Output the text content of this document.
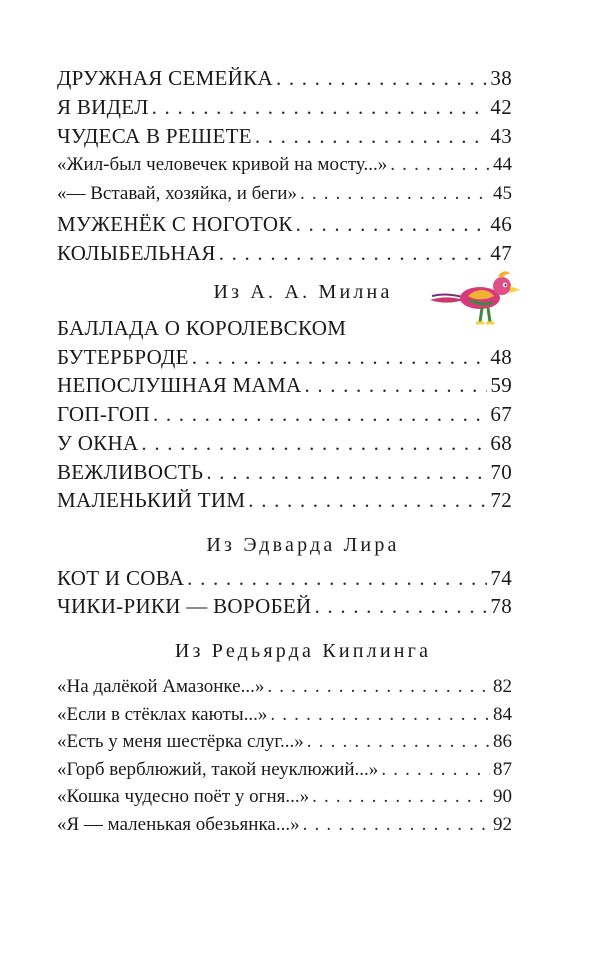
ДРУЖНАЯ СЕМЕЙКА . . .	38
Я ВИДЕЛ . . .	42
ЧУДЕСА В РЕШЕТЕ . . .	43
«Жил-был человечек кривой на мосту...» . . .	44
«— Вставай, хозяйка, и беги» . . .	45
МУЖЕНЁК С НОГОТОК . . .	46
КОЛЫБЕЛЬНАЯ . . .	47
Из А. А. Милна
БАЛЛАДА О КОРОЛЕВСКОМ
БУТЕРБРОДЕ . . .	48
НЕПОСЛУШНАЯ МАМА . . .	59
ГОП-ГОП . . .	67
У ОКНА . . .	68
ВЕЖЛИВОСТЬ . . .	70
МАЛЕНЬКИЙ ТИМ . . .	72
Из Эдварда Лира
КОТ И СОВА . . .	74
ЧИКИ-РИКИ — ВОРОБЕЙ . . .	78
Из Редьярда Киплинга
«На далёкой Амазонке...» . . .	82
«Если в стёклах каюты...» . . .	84
«Есть у меня шестёрка слуг...» . . .	86
«Горб верблюжий, такой неуклюжий...» . . .	87
«Кошка чудесно поёт у огня...» . . .	90
«Я — маленькая обезьянка...» . . .	92
